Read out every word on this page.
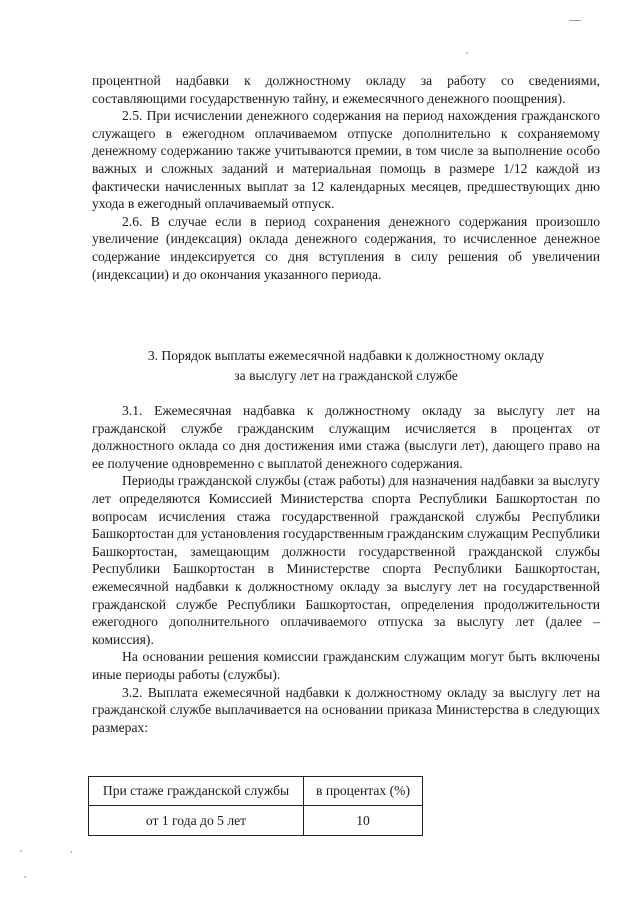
процентной надбавки к должностному окладу за работу со сведениями, составляющими государственную тайну, и ежемесячного денежного поощрения).

2.5. При исчислении денежного содержания на период нахождения гражданского служащего в ежегодном оплачиваемом отпуске дополнительно к сохраняемому денежному содержанию также учитываются премии, в том числе за выполнение особо важных и сложных заданий и материальная помощь в размере 1/12 каждой из фактически начисленных выплат за 12 календарных месяцев, предшествующих дню ухода в ежегодный оплачиваемый отпуск.

2.6. В случае если в период сохранения денежного содержания произошло увеличение (индексация) оклада денежного содержания, то исчисленное денежное содержание индексируется со дня вступления в силу решения об увеличении (индексации) и до окончания указанного периода.

3. Порядок выплаты ежемесячной надбавки к должностному окладу
за выслугу лет на гражданской службе

3.1. Ежемесячная надбавка к должностному окладу за выслугу лет на гражданской службе гражданским служащим исчисляется в процентах от должностного оклада со дня достижения ими стажа (выслуги лет), дающего право на ее получение одновременно с выплатой денежного содержания.

Периоды гражданской службы (стаж работы) для назначения надбавки за выслугу лет определяются Комиссией Министерства спорта Республики Башкортостан по вопросам исчисления стажа государственной гражданской службы Республики Башкортостан для установления государственным гражданским служащим Республики Башкортостан, замещающим должности государственной гражданской службы Республики Башкортостан в Министерстве спорта Республики Башкортостан, ежемесячной надбавки к должностному окладу за выслугу лет на государственной гражданской службе Республики Башкортостан, определения продолжительности ежегодного дополнительного оплачиваемого отпуска за выслугу лет (далее – комиссия).

На основании решения комиссии гражданским служащим могут быть включены иные периоды работы (службы).

3.2. Выплата ежемесячной надбавки к должностному окладу за выслугу лет на гражданской службе выплачивается на основании приказа Министерства в следующих размерах:

При стаже гражданской службы	в процентах (%)
от 1 года до 5 лет	10
